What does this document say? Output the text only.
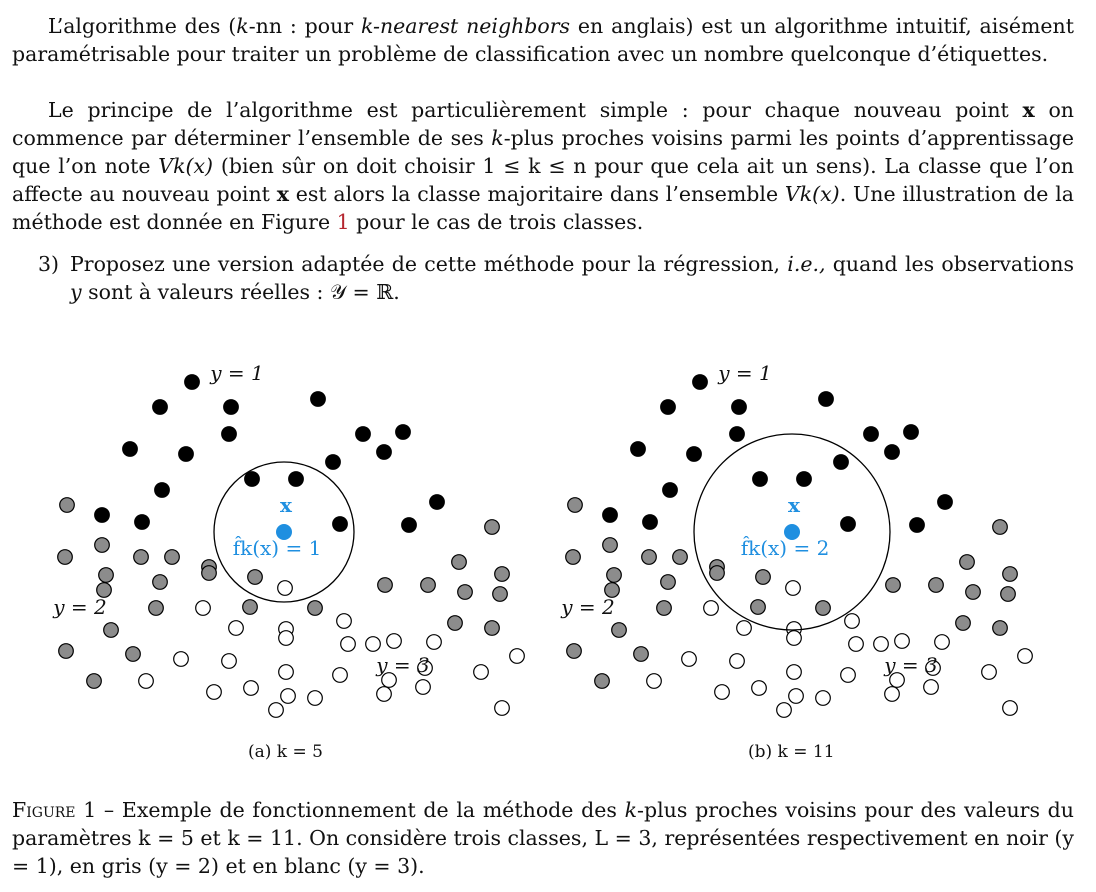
L’algorithme des (k-nn : pour k-nearest neighbors en anglais) est un algorithme intuitif, aisément paramétrisable pour traiter un problème de classification avec un nombre quelconque d’étiquettes.

Le principe de l’algorithme est particulièrement simple : pour chaque nouveau point x on commence par déterminer l’ensemble de ses k-plus proches voisins parmi les points d’apprentissage que l’on note Vk(x) (bien sûr on doit choisir 1 ≤ k ≤ n pour que cela ait un sens). La classe que l’on affecte au nouveau point x est alors la classe majoritaire dans l’ensemble Vk(x). Une illustration de la méthode est donnée en Figure 1 pour le cas de trois classes.

3) Proposez une version adaptée de cette méthode pour la régression, i.e., quand les observations y sont à valeurs réelles : 𝒴 = ℝ.
y = 1
y = 2
y = 3
x
f̂k(x) = 1
y = 1
y = 2
y = 3
x
f̂k(x) = 2
(a) k = 5	(b) k = 11
Figure 1 – Exemple de fonctionnement de la méthode des k-plus proches voisins pour des valeurs du paramètres k = 5 et k = 11. On considère trois classes, L = 3, représentées respectivement en noir (y = 1), en gris (y = 2) et en blanc (y = 3).
